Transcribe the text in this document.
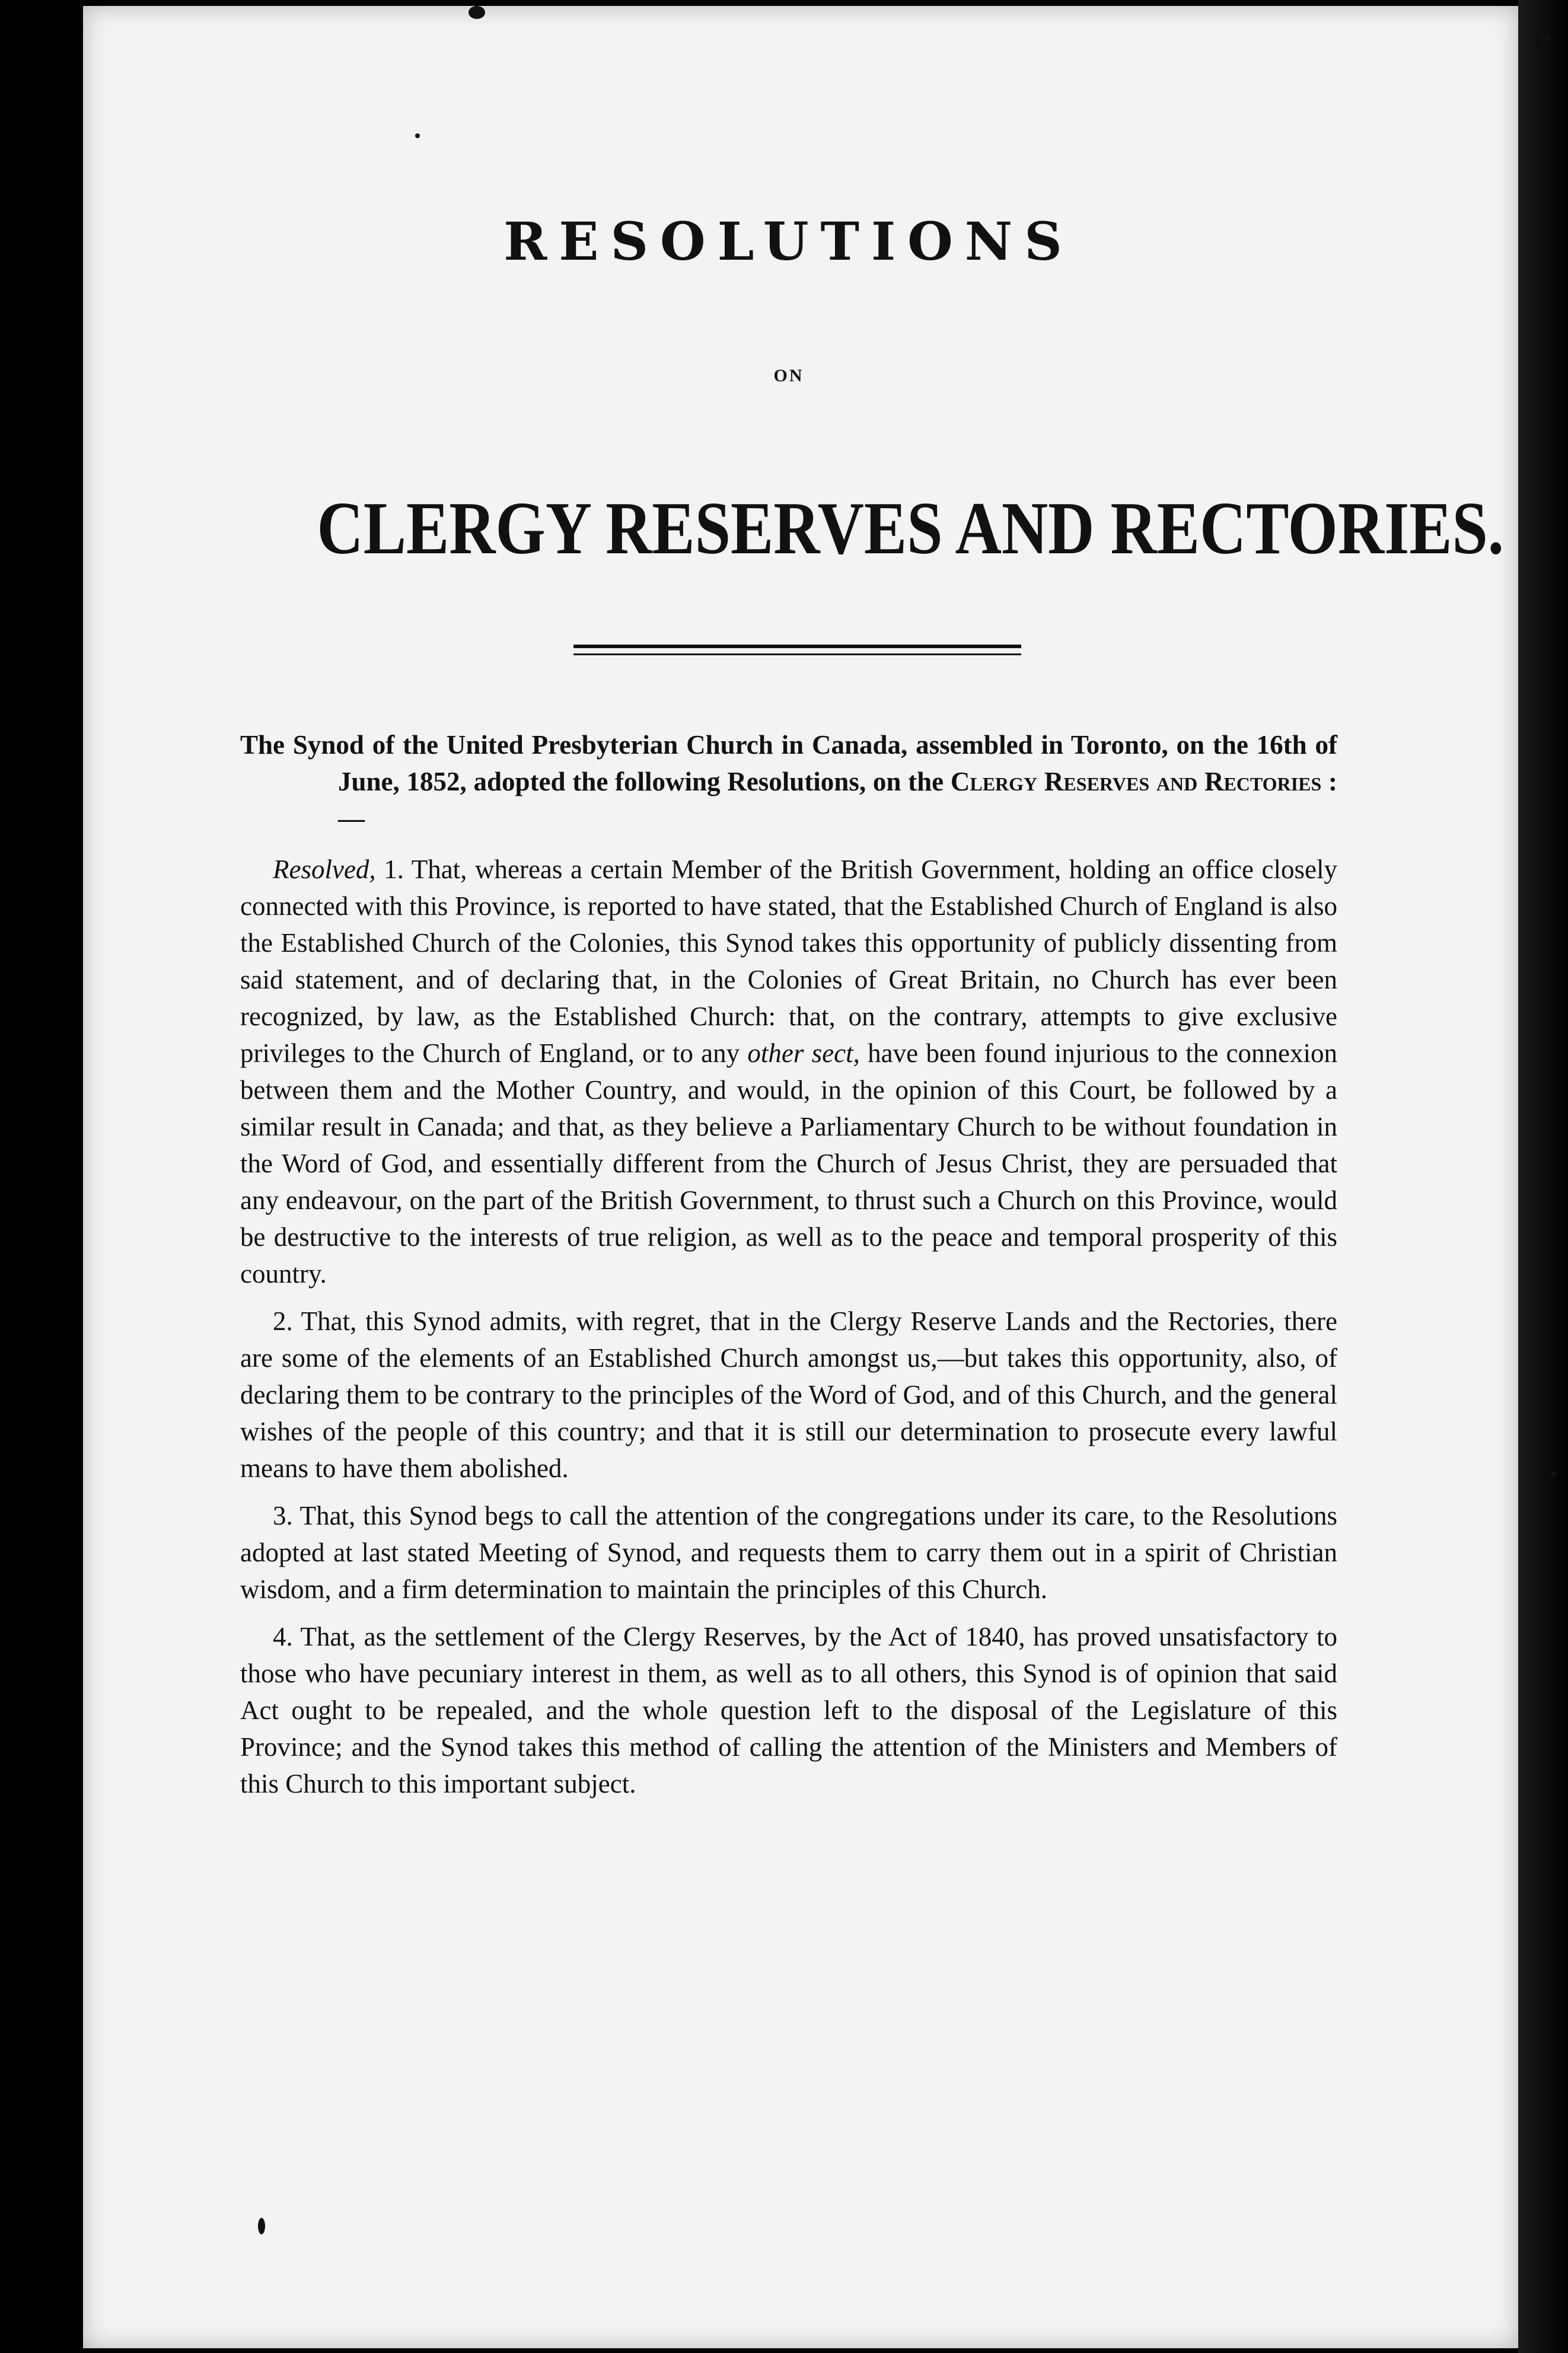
RESOLUTIONS
ON
CLERGY RESERVES AND RECTORIES.

The Synod of the United Presbyterian Church in Canada, assembled in Toronto, on the 16th of June, 1852, adopted the following Resolutions, on the Clergy Reserves and Rectories :—

Resolved, 1. That, whereas a certain Member of the British Government, holding an office closely connected with this Province, is reported to have stated, that the Established Church of England is also the Established Church of the Colonies, this Synod takes this opportunity of publicly dissenting from said statement, and of declaring that, in the Colonies of Great Britain, no Church has ever been recognized, by law, as the Established Church: that, on the contrary, attempts to give exclusive privileges to the Church of England, or to any other sect, have been found injurious to the connexion between them and the Mother Country, and would, in the opinion of this Court, be followed by a similar result in Canada; and that, as they believe a Parliamentary Church to be without foundation in the Word of God, and essentially different from the Church of Jesus Christ, they are persuaded that any endeavour, on the part of the British Government, to thrust such a Church on this Province, would be destructive to the interests of true religion, as well as to the peace and temporal prosperity of this country.

2. That, this Synod admits, with regret, that in the Clergy Reserve Lands and the Rectories, there are some of the elements of an Established Church amongst us,—but takes this opportunity, also, of declaring them to be contrary to the principles of the Word of God, and of this Church, and the general wishes of the people of this country; and that it is still our determination to prosecute every lawful means to have them abolished.

3. That, this Synod begs to call the attention of the congregations under its care, to the Resolutions adopted at last stated Meeting of Synod, and requests them to carry them out in a spirit of Christian wisdom, and a firm determination to maintain the principles of this Church.

4. That, as the settlement of the Clergy Reserves, by the Act of 1840, has proved unsatisfactory to those who have pecuniary interest in them, as well as to all others, this Synod is of opinion that said Act ought to be repealed, and the whole question left to the disposal of the Legislature of this Province; and the Synod takes this method of calling the attention of the Ministers and Members of this Church to this important subject.
